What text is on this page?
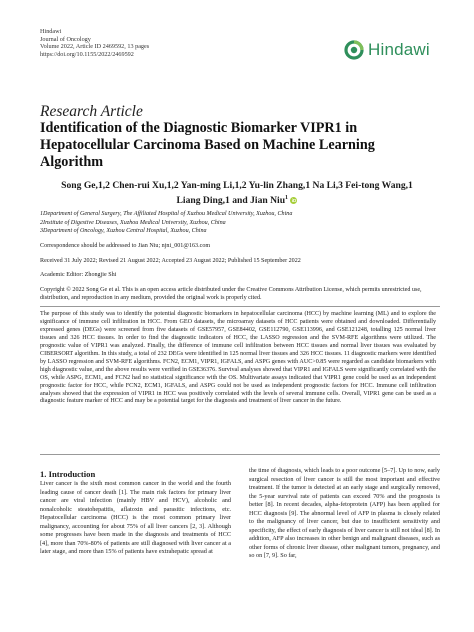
Hindawi
Journal of Oncology
Volume 2022, Article ID 2469592, 13 pages
https://doi.org/10.1155/2022/2469592	Hindawi
Research Article
Identification of the Diagnostic Biomarker VIPR1 in Hepatocellular Carcinoma Based on Machine Learning Algorithm
Song Ge,1,2 Chen-rui Xu,1,2 Yan-ming Li,1,2 Yu-lin Zhang,1 Na Li,3 Fei-tong Wang,1
Liang Ding,1 and Jian Niu$^1$ iD
1Department of General Surgery, The Affiliated Hospital of Xuzhou Medical University, Xuzhou, China
2Institute of Digestive Diseases, Xuzhou Medical University, Xuzhou, China
3Department of Oncology, Xuzhou Central Hospital, Xuzhou, China
Correspondence should be addressed to Jian Niu; njni_001@163.com
Received 31 July 2022; Revised 21 August 2022; Accepted 23 August 2022; Published 15 September 2022
Academic Editor: Zhongjie Shi
Copyright © 2022 Song Ge et al. This is an open access article distributed under the Creative Commons Attribution License, which permits unrestricted use, distribution, and reproduction in any medium, provided the original work is properly cited.
The purpose of this study was to identify the potential diagnostic biomarkers in hepatocellular carcinoma (HCC) by machine learning (ML) and to explore the significance of immune cell infiltration in HCC. From GEO datasets, the microarray datasets of HCC patients were obtained and downloaded. Differentially expressed genes (DEGs) were screened from five datasets of GSE57957, GSE84402, GSE112790, GSE113996, and GSE121248, totalling 125 normal liver tissues and 326 HCC tissues. In order to find the diagnostic indicators of HCC, the LASSO regression and the SVM-RFE algorithms were utilized. The prognostic value of VIPR1 was analyzed. Finally, the difference of immune cell infiltration between HCC tissues and normal liver tissues was evaluated by CIBERSORT algorithm. In this study, a total of 232 DEGs were identified in 125 normal liver tissues and 326 HCC tissues. 11 diagnostic markers were identified by LASSO regression and SVM-RFE algorithms. FCN2, ECM1, VIPR1, IGFALS, and ASPG genes with AUC>0.85 were regarded as candidate biomarkers with high diagnostic value, and the above results were verified in GSE36376. Survival analyses showed that VIPR1 and IGFALS were significantly correlated with the OS, while ASPG, ECM1, and FCN2 had no statistical significance with the OS. Multivariate assays indicated that VIPR1 gene could be used as an independent prognostic factor for HCC, while FCN2, ECM1, IGFALS, and ASPG could not be used as independent prognostic factors for HCC. Immune cell infiltration analyses showed that the expression of VIPR1 in HCC was positively correlated with the levels of several immune cells. Overall, VIPR1 gene can be used as a diagnostic feature marker of HCC and may be a potential target for the diagnosis and treatment of liver cancer in the future.
1. Introduction
Liver cancer is the sixth most common cancer in the world and the fourth leading cause of cancer death [1]. The main risk factors for primary liver cancer are viral infection (mainly HBV and HCV), alcoholic and nonalcoholic steatohepatitis, aflatoxin and parasitic infections, etc. Hepatocellular carcinoma (HCC) is the most common primary liver malignancy, accounting for about 75% of all liver cancers [2, 3]. Although some progresses have been made in the diagnosis and treatments of HCC [4], more than 70%-80% of patients are still diagnosed with liver cancer at a later stage, and more than 15% of patients have extrahepatic spread at
the time of diagnosis, which leads to a poor outcome [5–7]. Up to now, early surgical resection of liver cancer is still the most important and effective treatment. If the tumor is detected at an early stage and surgically removed, the 5-year survival rate of patients can exceed 70% and the prognosis is better [8]. In recent decades, alpha-fetoprotein (AFP) has been applied for HCC diagnosis [9]. The abnormal level of AFP in plasma is closely related to the malignancy of liver cancer, but due to insufficient sensitivity and specificity, the effect of early diagnosis of liver cancer is still not ideal [8]. In addition, AFP also increases in other benign and malignant diseases, such as other forms of chronic liver disease, other malignant tumors, pregnancy, and so on [7, 9]. So far,
